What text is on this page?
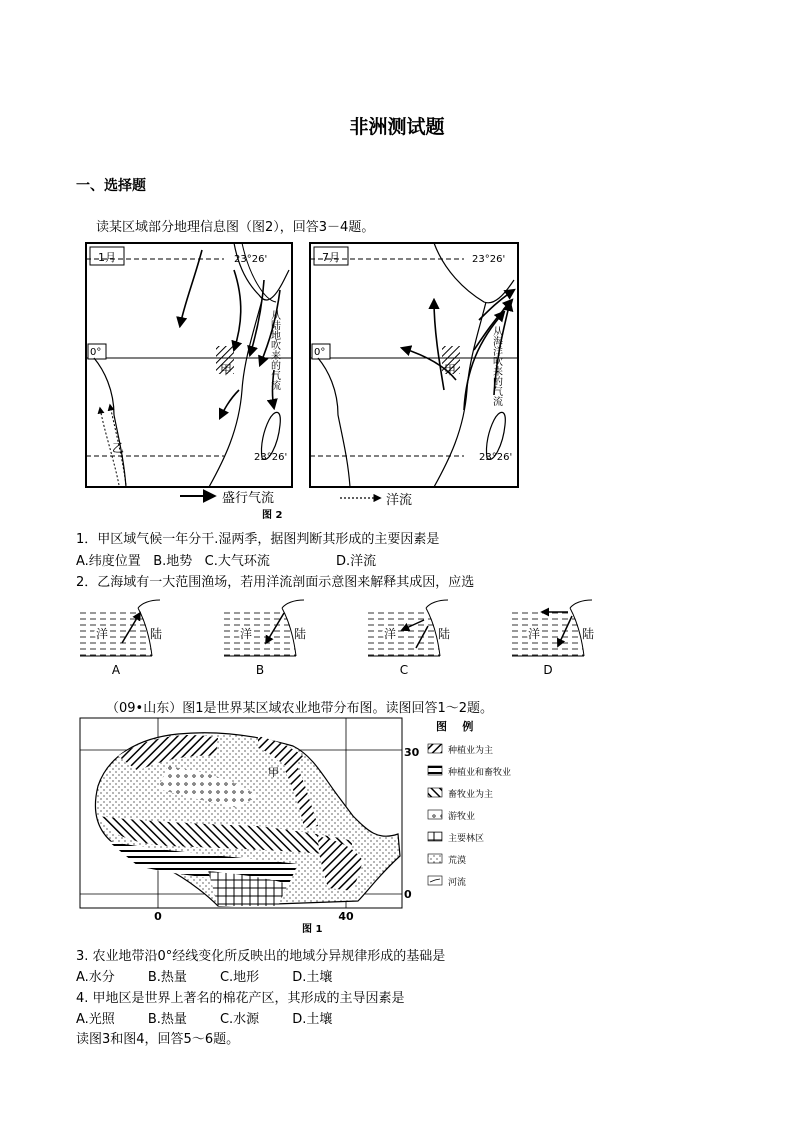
非洲测试题
一、选择题
读某区域部分地理信息图（图2），回答3－4题。
1月	23°26'
0°
23°26'
甲
乙
从陆地吹来的气流
7月	23°26'
0°
23°26'
甲	从海洋吹来的气流
盛行气流	洋流
图 2
1．甲区域气候一年分干.湿两季，据图判断其形成的主要因素是
A.纬度位置   B.地势   C.大气环流                D.洋流
2．乙海域有一大范围渔场，若用洋流剖面示意图来解释其成因，应选
洋	陆
A
洋	陆
B
洋	陆
C
洋	陆
D
（09•山东）图1是世界某区域农业地带分布图。读图回答1～2题。
甲
30
0
0	40
图 1
图    例
种植业为主
种植业和畜牧业
畜牧业为主
游牧业
主要林区
荒漠
河流
3. 农业地带沿0°经线变化所反映出的地域分异规律形成的基础是
A.水分        B.热量        C.地形        D.土壤
4. 甲地区是世界上著名的棉花产区，其形成的主导因素是
A.光照        B.热量        C.水源        D.土壤
读图3和图4，回答5～6题。
